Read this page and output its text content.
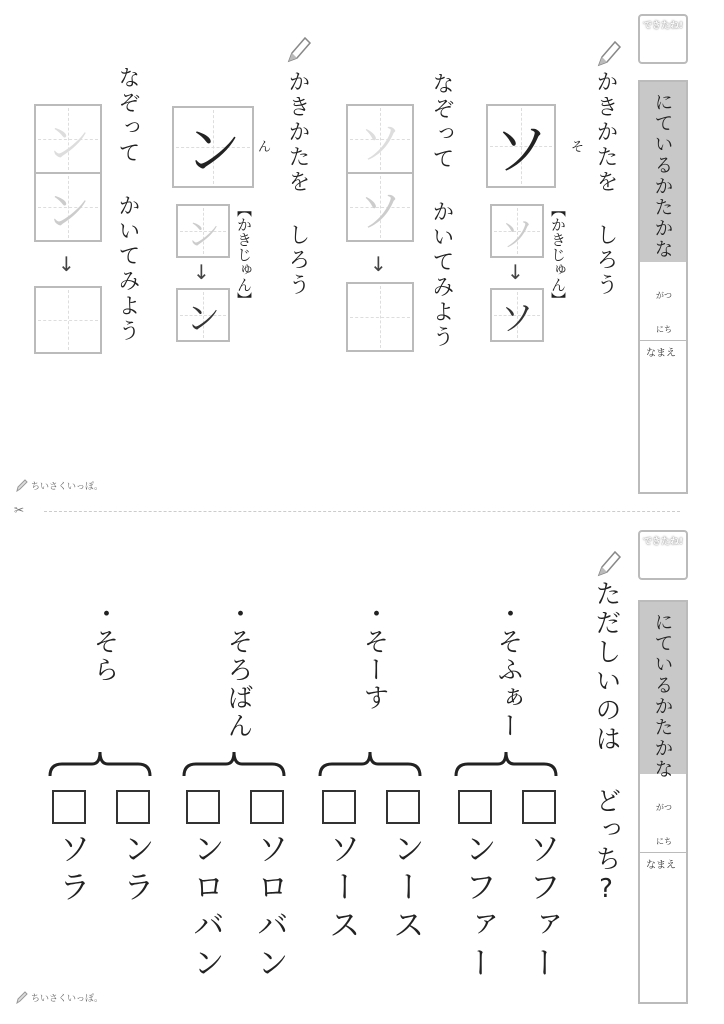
できたね!
にているかたかな
がつ
にち
なまえ
かきかたを しろう
そ
ソ
【かきじゅん】
ソ
↓
ソ
なぞって かいてみよう
ソ
ソ
↓
かきかたを しろう
ん
ン
【かきじゅん】
ン
↓
ン
なぞって かいてみよう
ン
ン
↓
ちいさくいっぽ。
✂
できたね!
にているかたかな
がつ
にち
なまえ
ただしいのは どっち?
・そふぁー
ソファー
ンファー
・そーす
ンース
ソース
・そろばん
ソロバン
ンロバン
・そら
ンラ
ソラ
ちいさくいっぽ。
